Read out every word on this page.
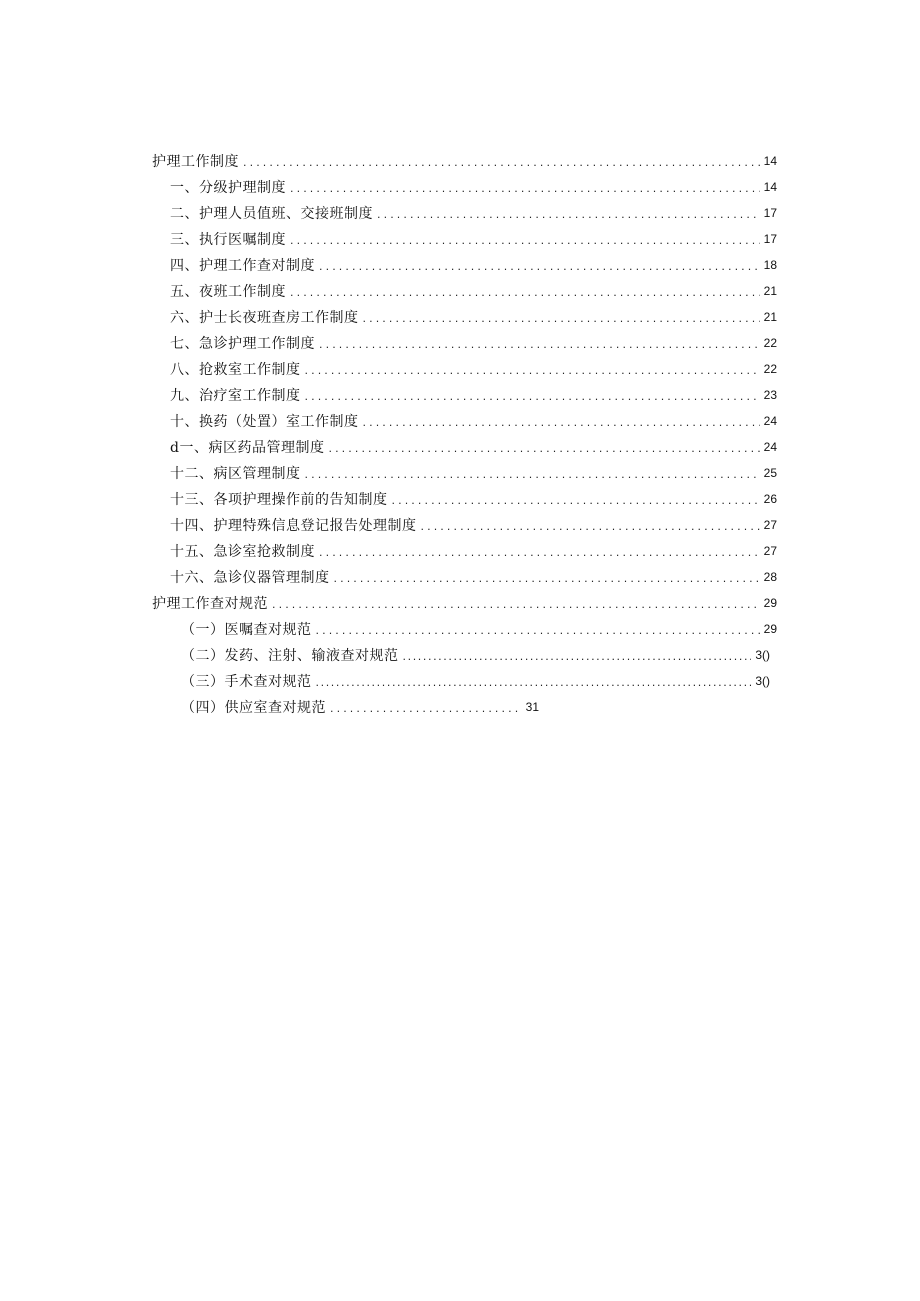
护理工作制度 .....	14
一、分级护理制度 .....	14
二、护理人员值班、交接班制度 .....	17
三、执行医嘱制度 .....	17
四、护理工作查对制度 .....	18
五、夜班工作制度 .....	21
六、护士长夜班查房工作制度 .....	21
七、急诊护理工作制度 .....	22
八、抢救室工作制度 .....	22
九、治疗室工作制度 .....	23
十、换药（处置）室工作制度 .....	24
d一、病区药品管理制度 .....	24
十二、病区管理制度 .....	25
十三、各项护理操作前的告知制度 .....	26
十四、护理特殊信息登记报告处理制度 .....	27
十五、急诊室抢救制度 .....	27
十六、急诊仪器管理制度 .....	28
护理工作查对规范 .....	29
（一）医嘱查对规范 .....	29
（二）发药、注射、输液查对规范 .....	3()
（三）手术查对规范 .....	3()
（四）供应室查对规范 .....	31
